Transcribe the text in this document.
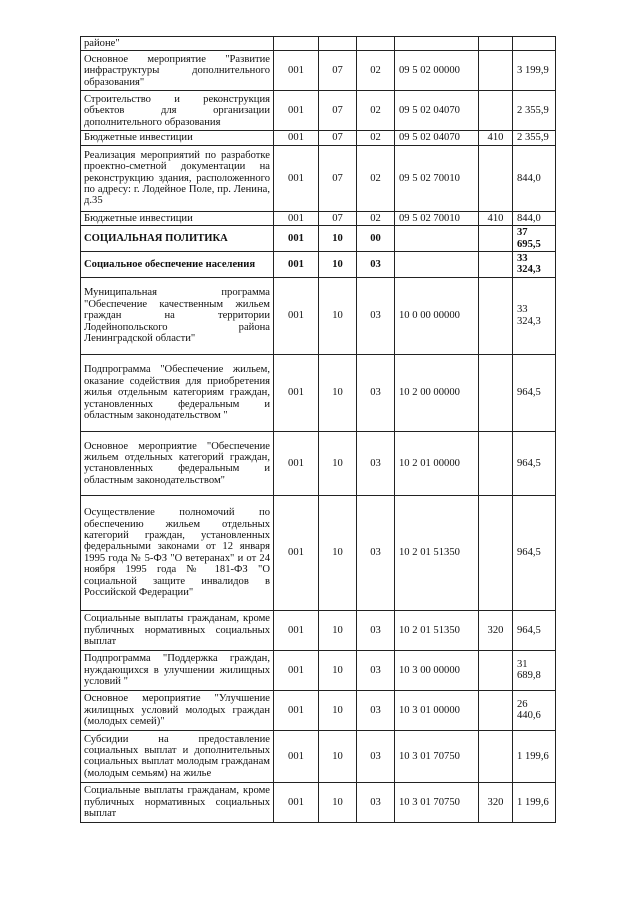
районе"						
Основное мероприятие "Развитие инфраструктуры дополнительного образования"	001	07	02	09 5 02 00000		3 199,9
Строительство и реконструкция объектов для организации дополнительного образования	001	07	02	09 5 02 04070		2 355,9
Бюджетные инвестиции	001	07	02	09 5 02 04070	410	2 355,9
Реализация мероприятий по разработке проектно-сметной документации на реконструкцию здания, расположенного по адресу: г. Лодейное Поле, пр. Ленина, д.35	001	07	02	09 5 02 70010		844,0
Бюджетные инвестиции	001	07	02	09 5 02 70010	410	844,0
СОЦИАЛЬНАЯ ПОЛИТИКА	001	10	00			37 695,5
Социальное обеспечение населения	001	10	03			33 324,3
Муниципальная программа "Обеспечение качественным жильем граждан на территории Лодейнопольского района Ленинградской области"	001	10	03	10 0 00 00000		33 324,3
Подпрограмма "Обеспечение жильем, оказание содействия для приобретения жилья отдельным категориям граждан, установленных федеральным и областным законодательством "	001	10	03	10 2 00 00000		964,5
Основное мероприятие "Обеспечение жильем отдельных категорий граждан, установленных федеральным и областным законодательством"	001	10	03	10 2 01 00000		964,5
Осуществление полномочий по обеспечению жильем отдельных категорий граждан, установленных федеральными законами от 12 января 1995 года № 5-ФЗ "О ветеранах" и от 24 ноября 1995 года № 181-ФЗ "О социальной защите инвалидов в Российской Федерации"	001	10	03	10 2 01 51350		964,5
Социальные выплаты гражданам, кроме публичных нормативных социальных выплат	001	10	03	10 2 01 51350	320	964,5
Подпрограмма "Поддержка граждан, нуждающихся в улучшении жилищных условий "	001	10	03	10 3 00 00000		31 689,8
Основное мероприятие "Улучшение жилищных условий молодых граждан (молодых семей)"	001	10	03	10 3 01 00000		26 440,6
Субсидии на предоставление социальных выплат и дополнительных социальных выплат молодым гражданам (молодым семьям) на жилье	001	10	03	10 3 01 70750		1 199,6
Социальные выплаты гражданам, кроме публичных нормативных социальных выплат	001	10	03	10 3 01 70750	320	1 199,6
